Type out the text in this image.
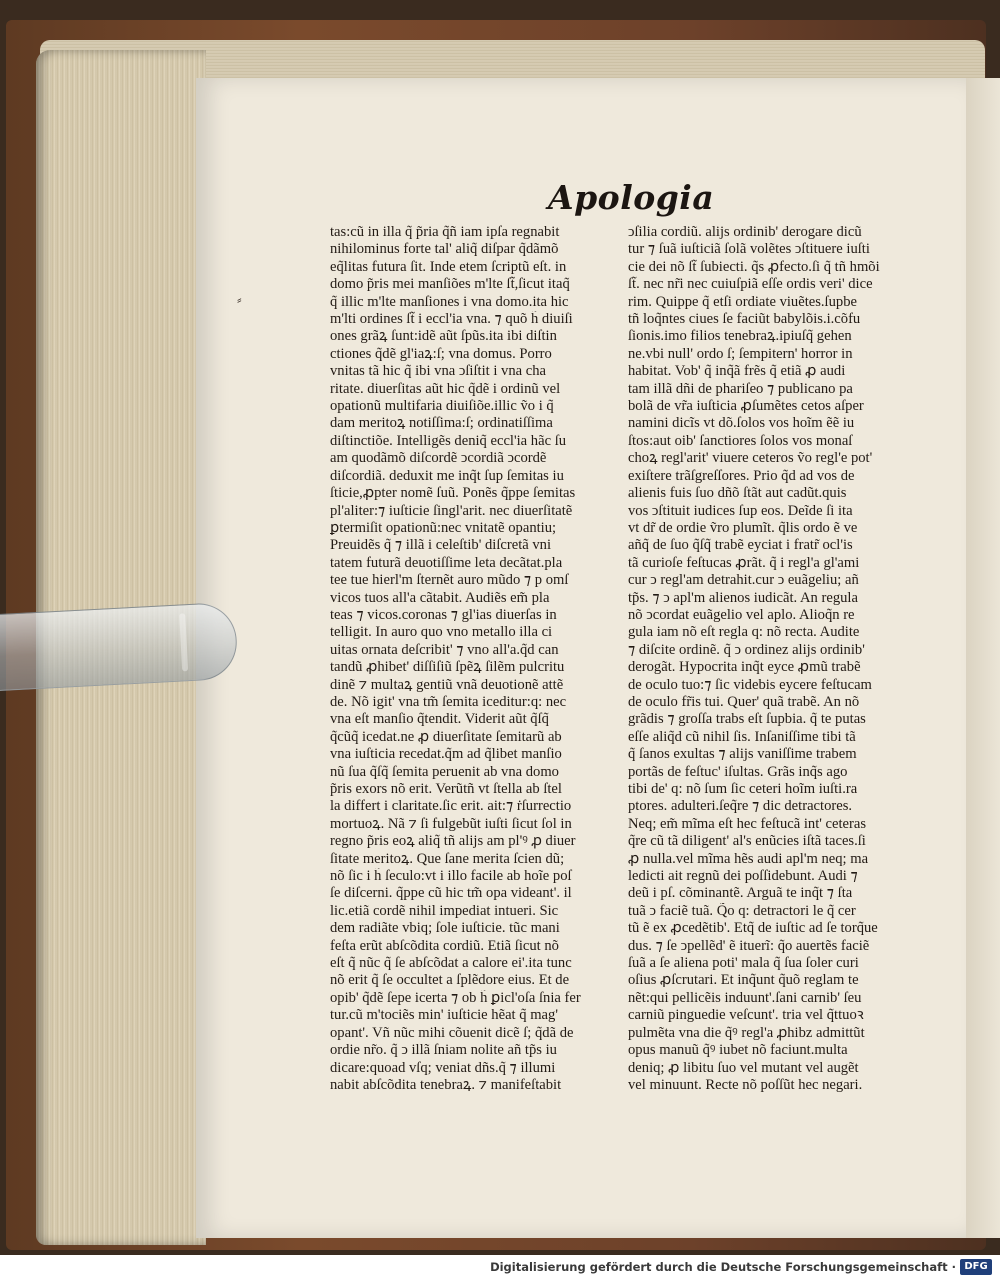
⸗
Apologia
tas:cũ in illa q̃ p̃ria q̃ñ iam ipſa regnabit
nihilominus forte tal' aliq̃ diſpar q̃dãmõ
eq̃litas futura ſit. Inde etem ſcriptũ eſt. in
domo p̃ris mei manſiões m'lte ſt̃,ſicut itaq̃
q̃ illic m'lte manſiones i vna domo.ita hic
m'lti ordines ſt̃ i eccl'ia vna. ⁊ quõ h̃ diuiſi
ones grãꝝ ſunt:idẽ aũt ſpũs.ita ibi diſtin
ctiones q̃dẽ gl'iaꝝ:ſ; vna domus. Porro
vnitas tã hic q̃ ibi vna ↄſiſtit i vna cha
ritate. diuerſitas aũt hic q̃dẽ i ordinũ vel
opationũ multifaria diuiſiõe.illic ṽo i q̃
dam meritoꝝ notiſſima:ſ; ordinatiſſima
diſtinctiõe. Intelligẽs deniq̃ eccl'ia hãc ſu
am quodãmõ diſcordẽ ↄcordiã ↄcordẽ
diſcordiã. deduxit me inq̃t ſup ſemitas iu
ſticie,ꝓpter nomẽ ſuũ. Ponẽs q̃ppe ſemitas
pl'aliter:⁊ iuſticie ſingl'arit. nec diuerſitatẽ
ꝑtermiſit opationũ:nec vnitatẽ opantiu;
Preuidẽs q̃ ⁊ illã i celeſtib' diſcretã vni
tatem futurã deuotiſſime leta decãtat.pla
tee tue hierl'm ſternẽt auro mũdo ⁊ p omſ
vicos tuos all'a cãtabit. Audiẽs em̃ pla
teas ⁊ vicos.coronas ⁊ gl'ias diuerſas in
telligit. In auro quo vno metallo illa ci
uitas ornata deſcribit' ⁊ vno all'a.q̃d can
tandũ ꝓhibet' diſſiſiũ ſpẽꝝ ſilẽm pulcritu
dinẽ ⁊ multaꝝ gentiũ vnã deuotionẽ attẽ
de. Nõ igit' vna tm̃ ſemita iceditur:q: nec
vna eſt manſio q̃tendit. Viderit aũt q̃ſq̃
q̃cũq̃ icedat.ne ꝓ diuerſitate ſemitarũ ab
vna iuſticia recedat.q̃m ad q̃libet manſio
nũ ſua q̃ſq̃ ſemita peruenit ab vna domo
p̃ris exors nõ erit. Verũtñ vt ſtella ab ſtel
la differt i claritate.ſic erit. ait:⁊ ṙſurrectio
mortuoꝝ. Nã ⁊ ſi fulgebũt iuſti ſicut ſol in
regno p̃ris eoꝝ aliq̃ tñ alijs am pl'ꝰ ꝓ diuer
ſitate meritoꝝ. Que ſane merita ſcien dũ;
nõ ſic i h̃ ſeculo:vt i illo facile ab hoĩe poſ
ſe diſcerni. q̃ppe cũ hic tm̃ opa videant'. il
lic.etiã cordẽ nihil impediat intueri. Sic
dem radiãte vbiq; ſole iuſticie. tũc mani
feſta erũt abſcõdita cordiũ. Etiã ſicut nõ
eſt q̃ nũc q̃ ſe abſcõdat a calore ei'.ita tunc
nõ erit q̃ ſe occultet a ſplẽdore eius. Et de
opib' q̃dẽ ſepe icerta ⁊ ob h̃ ꝑicl'oſa ſnia fer
tur.cũ m'tociẽs min' iuſticie hẽat q̃ mag'
opant'. Vñ nũc mihi cõuenit dicẽ ſ; q̃dã de
ordie nr̃o. q̃ ↄ illã ſniam nolite añ tp̃s iu
dicare:quoad vſq; veniat dñs.q̃ ⁊ illumi
nabit abſcõdita tenebraꝝ. ⁊ manifeſtabit
ↄſilia cordiũ. alijs ordinib' derogare dicũ
tur ⁊ ſuã iuſticiã ſolã volẽtes ↄſtituere iuſti
cie dei nõ ſt̃ ſubiecti. q̃s ꝓfecto.ſi q̃ tñ hmõi
ſt̃. nec nr̃i nec cuiuſpiã eſſe ordis veri' dice
rim. Quippe q̃ etſi ordiate viuẽtes.ſupbe
tñ loq̃ntes ciues ſe faciũt babylõis.i.cõfu
ſionis.imo filios tenebraꝝ.ipiuſq̃ gehen
ne.vbi null' ordo ſ; ſempitern' horror in
habitat. Vob' q̃ inq̃ã frẽs q̃ etiã ꝓ audi
tam illã dñi de phariſeo ⁊ publicano pa
bolã de vr̃a iuſticia ꝓſumẽtes cetos aſper
namini dicĩs vt dõ.ſolos vos hoĩm ẽẽ iu
ſtos:aut oib' ſanctiores ſolos vos monaſ
choꝝ regl'arit' viuere ceteros ṽo regl'e pot'
exiſtere trãſgreſſores. Prio q̃d ad vos de
alienis fuis ſuo dñõ ſtãt aut cadũt.quis
vos ↄſtituit iudices ſup eos. Deĩde ſi ita
vt dr̃ de ordie ṽro plumĩt. q̃lis ordo ẽ ve
añq̃ de ſuo q̃ſq̃ trabẽ eyciat i fratr̃ ocl'is
tã curioſe feſtucas ꝓrãt. q̃ i regl'a gl'ami
cur ↄ regl'am detrahit.cur ↄ euãgeliu; añ
tp̃s. ⁊ ↄ apl'm alienos iudicãt. An regula
nõ ↄcordat euãgelio vel aplo. Alioq̃n re
gula iam nõ eſt regla q: nõ recta. Audite
⁊ diſcite ordinẽ. q̃ ↄ ordinez alijs ordinib'
derogãt. Hypocrita inq̃t eyce ꝓmũ trabẽ
de oculo tuo:⁊ ſic videbis eycere feſtucam
de oculo fr̃is tui. Quer' quã trabẽ. An nõ
grãdis ⁊ groſſa trabs eſt ſupbia. q̃ te putas
eſſe aliq̃d cũ nihil ſis. Inſaniſſime tibi tã
q̃ ſanos exultas ⁊ alijs vaniſſime trabem
portãs de feſtuc' iſultas. Grãs inq̃s ago
tibi de' q: nõ ſum ſic ceteri hoĩm iuſti.ra
ptores. adulteri.ſeq̃re ⁊ dic detractores.
Neq; em̃ mĩma eſt hec feſtucã int' ceteras
q̃re cũ tã diligent' al's enũcies iſtã taces.ſi
ꝓ nulla.vel mĩma hẽs audi apl'm neq; ma
ledicti ait regnũ dei poſſidebunt. Audi ⁊
deũ i pſ. cõminantẽ. Arguã te inq̃t ⁊ ſta
tuã ↄ faciẽ tuã. Q̃o q: detractori le q̃ cer
tũ ẽ ex ꝓcedẽtib'. Etq̃ de iuſtic ad ſe torq̃ue
dus. ⁊ ſe ↄpellẽd' ẽ ituerĩ: q̃o auertẽs faciẽ
ſuã a ſe aliena poti' mala q̃ ſua ſoler curi
oſius ꝓſcrutari. Et inq̃unt q̃uõ reglam te
nẽt:qui pellicẽis induunt'.ſani carnib' ſeu
carniũ pinguedie veſcunt'. tria vel q̃ttuoꝛ
pulmẽta vna die q̃ꝰ regl'a ꝓhibz admittũt
opus manuũ q̃ꝰ iubet nõ faciunt.multa
deniq; ꝓ libitu ſuo vel mutant vel augẽt
vel minuunt. Recte nõ poſſũt hec negari.
Digitalisierung gefördert durch die Deutsche Forschungsgemeinschaft · DFG
